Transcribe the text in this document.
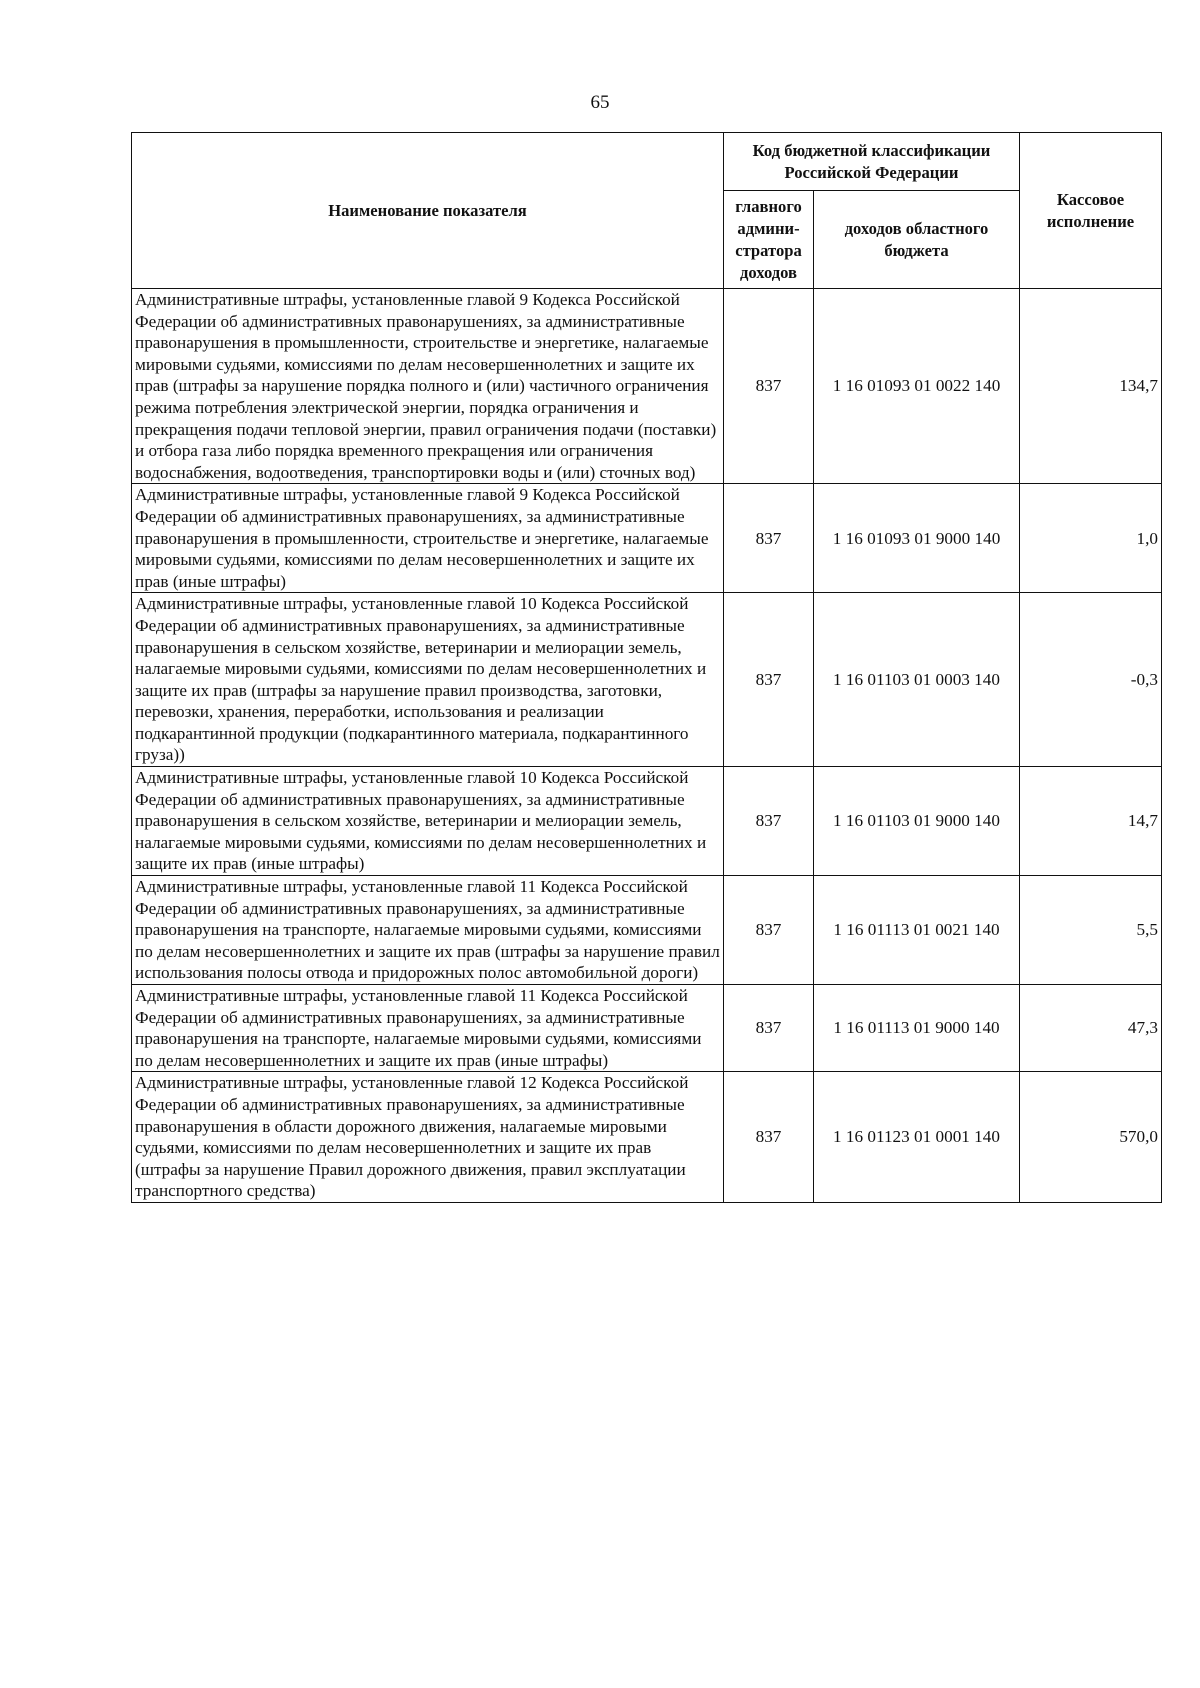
65
Наименование показателя	Код бюджетной классификации Российской Федерации		Кассовое исполнение
	главного админи-стратора доходов	доходов областного бюджета	
Административные штрафы, установленные главой 9 Кодекса Российской Федерации об административных правонарушениях, за административные правонарушения в промышленности, строительстве и энергетике, налагаемые мировыми судьями, комиссиями по делам несовершеннолетних и защите их прав (штрафы за нарушение порядка полного и (или) частичного ограничения режима потребления электрической энергии, порядка ограничения и прекращения подачи тепловой энергии, правил ограничения подачи (поставки) и отбора газа либо порядка временного прекращения или ограничения водоснабжения, водоотведения, транспортировки воды и (или) сточных вод)	837	1 16 01093 01 0022 140	134,7
Административные штрафы, установленные главой 9 Кодекса Российской Федерации об административных правонарушениях, за административные правонарушения в промышленности, строительстве и энергетике, налагаемые мировыми судьями, комиссиями по делам несовершеннолетних и защите их прав (иные штрафы)	837	1 16 01093 01 9000 140	1,0
Административные штрафы, установленные главой 10 Кодекса Российской Федерации об административных правонарушениях, за административные правонарушения в сельском хозяйстве, ветеринарии и мелиорации земель, налагаемые мировыми судьями, комиссиями по делам несовершеннолетних и защите их прав (штрафы за нарушение правил производства, заготовки, перевозки, хранения, переработки, использования и реализации подкарантинной продукции (подкарантинного материала, подкарантинного груза))	837	1 16 01103 01 0003 140	-0,3
Административные штрафы, установленные главой 10 Кодекса Российской Федерации об административных правонарушениях, за административные правонарушения в сельском хозяйстве, ветеринарии и мелиорации земель, налагаемые мировыми судьями, комиссиями по делам несовершеннолетних и защите их прав (иные штрафы)	837	1 16 01103 01 9000 140	14,7
Административные штрафы, установленные главой 11 Кодекса Российской Федерации об административных правонарушениях, за административные правонарушения на транспорте, налагаемые мировыми судьями, комиссиями по делам несовершеннолетних и защите их прав (штрафы за нарушение правил использования полосы отвода и придорожных полос автомобильной дороги)	837	1 16 01113 01 0021 140	5,5
Административные штрафы, установленные главой 11 Кодекса Российской Федерации об административных правонарушениях, за административные правонарушения на транспорте, налагаемые мировыми судьями, комиссиями по делам несовершеннолетних и защите их прав (иные штрафы)	837	1 16 01113 01 9000 140	47,3
Административные штрафы, установленные главой 12 Кодекса Российской Федерации об административных правонарушениях, за административные правонарушения в области дорожного движения, налагаемые мировыми судьями, комиссиями по делам несовершеннолетних и защите их прав (штрафы за нарушение Правил дорожного движения, правил эксплуатации транспортного средства)	837	1 16 01123 01 0001 140	570,0
